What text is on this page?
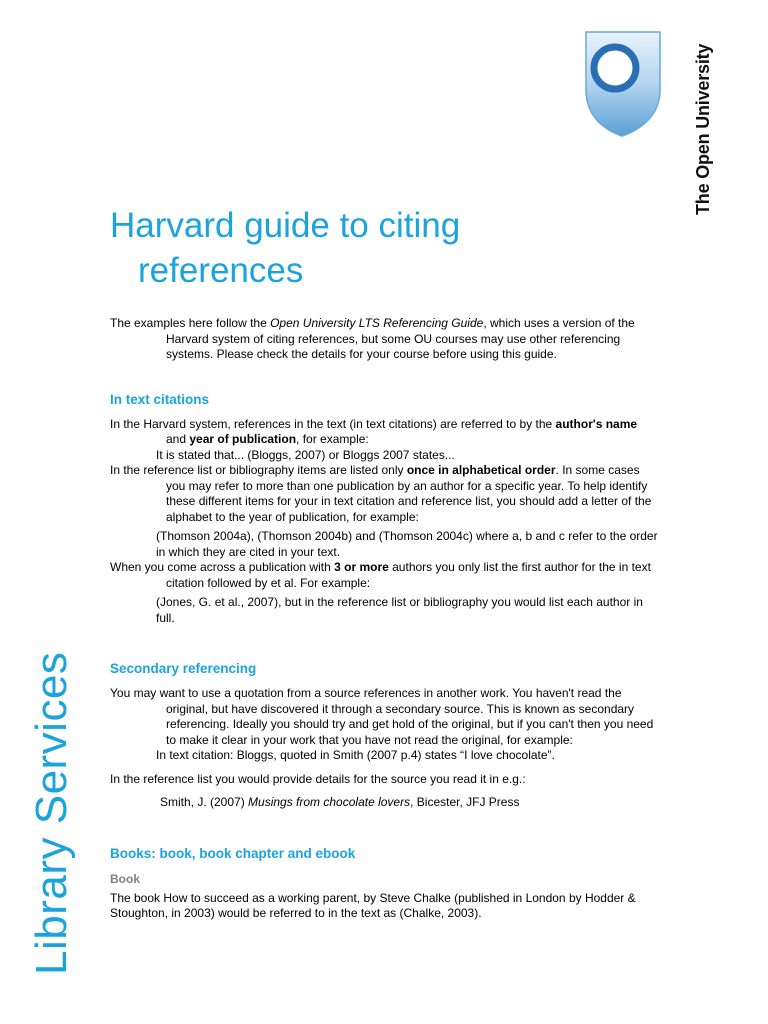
Library Services
The Open University
Harvard guide to citing
references

The examples here follow the Open University LTS Referencing Guide, which uses a version of the Harvard system of citing references, but some OU courses may use other referencing systems. Please check the details for your course before using this guide.

In text citations

In the Harvard system, references in the text (in text citations) are referred to by the author's name and year of publication, for example:

It is stated that... (Bloggs, 2007) or Bloggs 2007 states...

In the reference list or bibliography items are listed only once in alphabetical order. In some cases you may refer to more than one publication by an author for a specific year. To help identify these different items for your in text citation and reference list, you should add a letter of the alphabet to the year of publication, for example:

(Thomson 2004a), (Thomson 2004b) and (Thomson 2004c) where a, b and c refer to the order in which they are cited in your text.

When you come across a publication with 3 or more authors you only list the first author for the in text citation followed by et al. For example:

(Jones, G. et al., 2007), but in the reference list or bibliography you would list each author in full.

Secondary referencing

You may want to use a quotation from a source references in another work. You haven't read the original, but have discovered it through a secondary source. This is known as secondary referencing. Ideally you should try and get hold of the original, but if you can't then you need to make it clear in your work that you have not read the original, for example:

In text citation: Bloggs, quoted in Smith (2007 p.4) states “I love chocolate”.

In the reference list you would provide details for the source you read it in e.g.:

Smith, J. (2007) Musings from chocolate lovers, Bicester, JFJ Press

Books: book, book chapter and ebook
Book

The book How to succeed as a working parent, by Steve Chalke (published in London by Hodder & Stoughton, in 2003) would be referred to in the text as (Chalke, 2003).
